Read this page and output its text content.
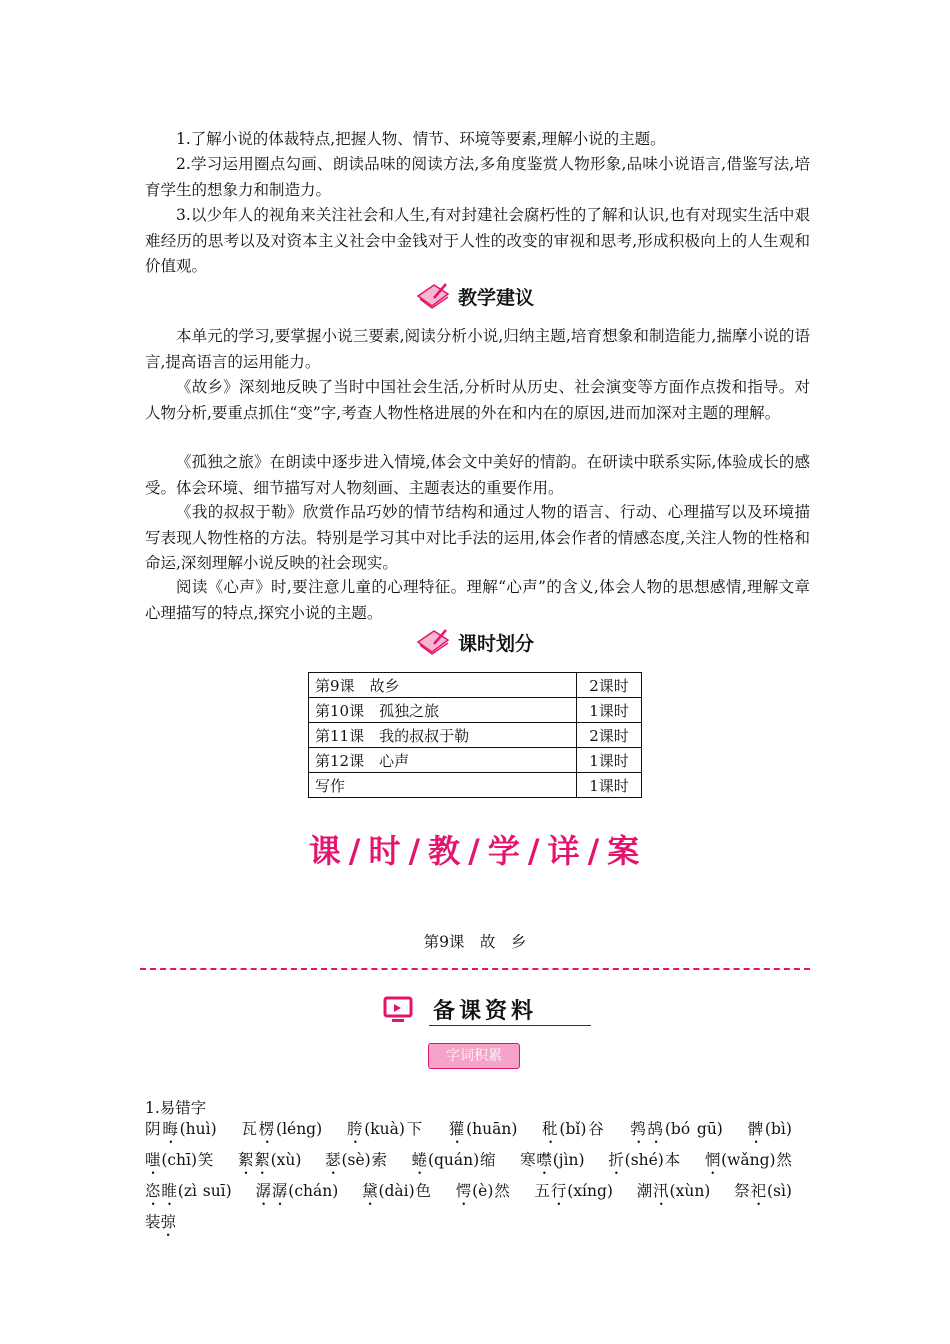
1.了解小说的体裁特点,把握人物、情节、环境等要素,理解小说的主题。

2.学习运用圈点勾画、朗读品味的阅读方法,多角度鉴赏人物形象,品味小说语言,借鉴写法,培育学生的想象力和制造力。

3.以少年人的视角来关注社会和人生,有对封建社会腐朽性的了解和认识,也有对现实生活中艰难经历的思考以及对资本主义社会中金钱对于人性的改变的审视和思考,形成积极向上的人生观和价值观。

教学建议

本单元的学习,要掌握小说三要素,阅读分析小说,归纳主题,培育想象和制造能力,揣摩小说的语言,提高语言的运用能力。

《故乡》深刻地反映了当时中国社会生活,分析时从历史、社会演变等方面作点拨和指导。对人物分析,要重点抓住“变”字,考查人物性格进展的外在和内在的原因,进而加深对主题的理解。

《孤独之旅》在朗读中逐步进入情境,体会文中美好的情韵。在研读中联系实际,体验成长的感受。体会环境、细节描写对人物刻画、主题表达的重要作用。

《我的叔叔于勒》欣赏作品巧妙的情节结构和通过人物的语言、行动、心理描写以及环境描写表现人物性格的方法。特别是学习其中对比手法的运用,体会作者的情感态度,关注人物的性格和命运,深刻理解小说反映的社会现实。

阅读《心声》时,要注意儿童的心理特征。理解“心声”的含义,体会人物的思想感情,理解文章心理描写的特点,探究小说的主题。

课时划分
第9课　故乡	2课时
第10课　孤独之旅	1课时
第11课　我的叔叔于勒	2课时
第12课　心声	1课时
写作	1课时
课 / 时 / 教 / 学 / 详 / 案
第9课　故　乡
备课资料
字词积累
1.易错字

阴晦(huì) 瓦楞(léng) 胯(kuà)下 獾(huān) 秕(bǐ)谷 鹁鸪(bó gū) 髀(bì) 嗤(chī)笑 絮絮(xù) 瑟(sè)索 蜷(quán)缩 寒噤(jìn) 折(shé)本 惘(wǎng)然 恣睢(zì suī) 潺潺(chán) 黛(dài)色 愕(è)然 五行(xíng) 潮汛(xùn) 祭祀(sì) 装弶
